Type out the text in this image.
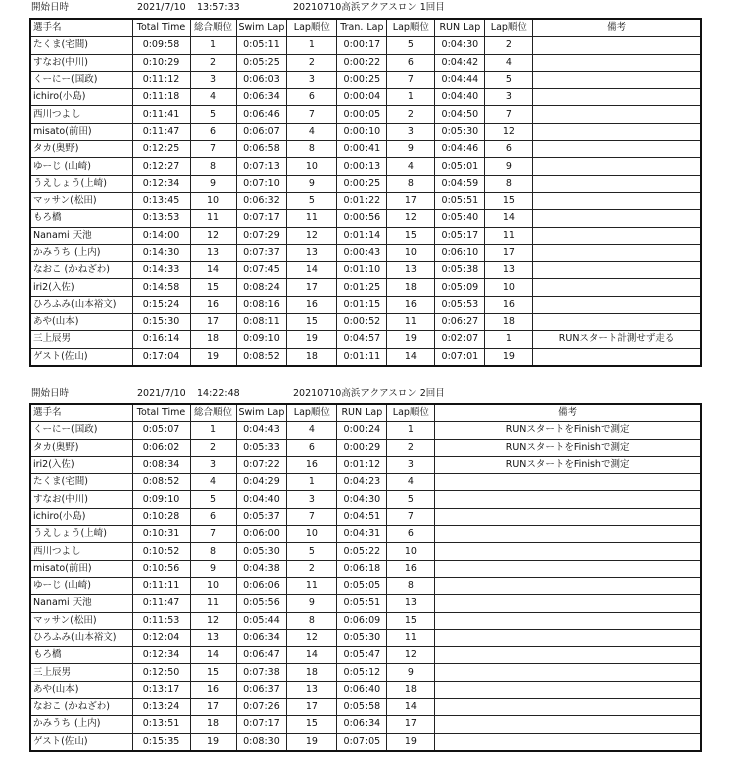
開始日時	2021/7/10 13:57:33	20210710高浜アクアスロン 1回目
選手名	Total Time	総合順位	Swim Lap	Lap順位	Tran. Lap	Lap順位	RUN Lap	Lap順位	備考
たくま(宅間)	0:09:58	1	0:05:11	1	0:00:17	5	0:04:30	2	
すなお(中川)	0:10:29	2	0:05:25	2	0:00:22	6	0:04:42	4	
くーにー(国政)	0:11:12	3	0:06:03	3	0:00:25	7	0:04:44	5	
ichiro(小島)	0:11:18	4	0:06:34	6	0:00:04	1	0:04:40	3	
西川つよし	0:11:41	5	0:06:46	7	0:00:05	2	0:04:50	7	
misato(前田)	0:11:47	6	0:06:07	4	0:00:10	3	0:05:30	12	
タカ(奥野)	0:12:25	7	0:06:58	8	0:00:41	9	0:04:46	6	
ゆーじ (山崎)	0:12:27	8	0:07:13	10	0:00:13	4	0:05:01	9	
うえしょう(上崎)	0:12:34	9	0:07:10	9	0:00:25	8	0:04:59	8	
マッサン(松田)	0:13:45	10	0:06:32	5	0:01:22	17	0:05:51	15	
もろ橋	0:13:53	11	0:07:17	11	0:00:56	12	0:05:40	14	
Nanami 天池	0:14:00	12	0:07:29	12	0:01:14	15	0:05:17	11	
かみうち (上内)	0:14:30	13	0:07:37	13	0:00:43	10	0:06:10	17	
なおこ (かねざわ)	0:14:33	14	0:07:45	14	0:01:10	13	0:05:38	13	
iri2(入佐)	0:14:58	15	0:08:24	17	0:01:25	18	0:05:09	10	
ひろふみ(山本裕文)	0:15:24	16	0:08:16	16	0:01:15	16	0:05:53	16	
あや(山本)	0:15:30	17	0:08:11	15	0:00:52	11	0:06:27	18	
三上辰男	0:16:14	18	0:09:10	19	0:04:57	19	0:02:07	1	RUNスタート計測せず走る
ゲスト(佐山)	0:17:04	19	0:08:52	18	0:01:11	14	0:07:01	19	
開始日時	2021/7/10 14:22:48	20210710高浜アクアスロン 2回目
選手名	Total Time	総合順位	Swim Lap	Lap順位	RUN Lap	Lap順位	備考
くーにー(国政)	0:05:07	1	0:04:43	4	0:00:24	1	RUNスタートをFinishで測定
タカ(奥野)	0:06:02	2	0:05:33	6	0:00:29	2	RUNスタートをFinishで測定
iri2(入佐)	0:08:34	3	0:07:22	16	0:01:12	3	RUNスタートをFinishで測定
たくま(宅間)	0:08:52	4	0:04:29	1	0:04:23	4	
すなお(中川)	0:09:10	5	0:04:40	3	0:04:30	5	
ichiro(小島)	0:10:28	6	0:05:37	7	0:04:51	7	
うえしょう(上崎)	0:10:31	7	0:06:00	10	0:04:31	6	
西川つよし	0:10:52	8	0:05:30	5	0:05:22	10	
misato(前田)	0:10:56	9	0:04:38	2	0:06:18	16	
ゆーじ (山崎)	0:11:11	10	0:06:06	11	0:05:05	8	
Nanami 天池	0:11:47	11	0:05:56	9	0:05:51	13	
マッサン(松田)	0:11:53	12	0:05:44	8	0:06:09	15	
ひろふみ(山本裕文)	0:12:04	13	0:06:34	12	0:05:30	11	
もろ橋	0:12:34	14	0:06:47	14	0:05:47	12	
三上辰男	0:12:50	15	0:07:38	18	0:05:12	9	
あや(山本)	0:13:17	16	0:06:37	13	0:06:40	18	
なおこ (かねざわ)	0:13:24	17	0:07:26	17	0:05:58	14	
かみうち (上内)	0:13:51	18	0:07:17	15	0:06:34	17	
ゲスト(佐山)	0:15:35	19	0:08:30	19	0:07:05	19	
